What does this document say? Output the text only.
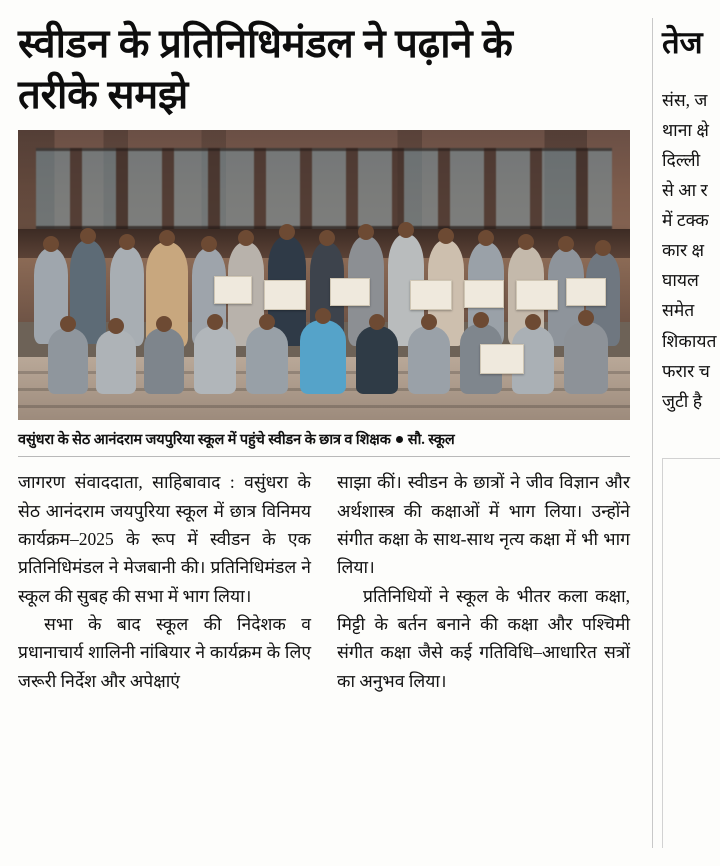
स्वीडन के प्रतिनिधिमंडल ने पढ़ाने के तरीके समझे
वसुंधरा के सेठ आनंदराम जयपुरिया स्कूल में पहुंचे स्वीडन के छात्र व शिक्षक सौ. स्कूल

जागरण संवाददाता, साहिबावाद : वसुंधरा के सेठ आनंदराम जयपुरिया स्कूल में छात्र विनिमय कार्यक्रम–2025 के रूप में स्वीडन के एक प्रतिनिधिमंडल ने मेजबानी की। प्रतिनिधिमंडल ने स्कूल की सुबह की सभा में भाग लिया।

सभा के बाद स्कूल की निदेशक व प्रधानाचार्य शालिनी नांबियार ने कार्यक्रम के लिए जरूरी निर्देश और अपेक्षाएं

साझा कीं। स्वीडन के छात्रों ने जीव विज्ञान और अर्थशास्त्र की कक्षाओं में भाग लिया। उन्होंने संगीत कक्षा के साथ-साथ नृत्य कक्षा में भी भाग लिया।

प्रतिनिधियों ने स्कूल के भीतर कला कक्षा, मिट्टी के बर्तन बनाने की कक्षा और पश्चिमी संगीत कक्षा जैसे कई गतिविधि–आधारित सत्रों का अनुभव लिया।

तेज
संस, ज
थाना क्षे
दिल्ली
से आ र
में टक्क
कार क्ष
घायल
समेत
शिकायत
फरार च
जुटी है
